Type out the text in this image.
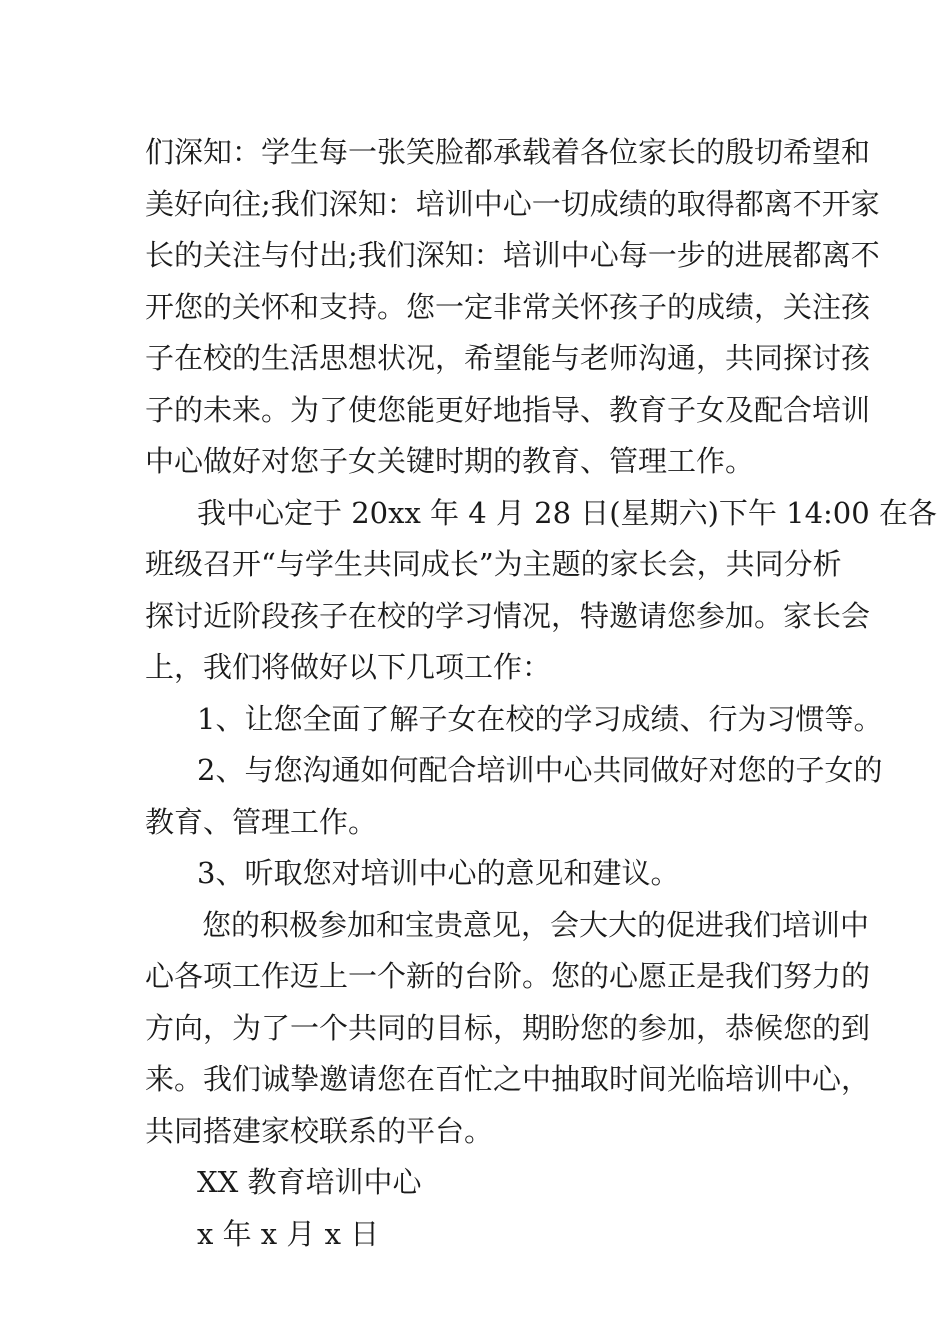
们深知：学生每一张笑脸都承载着各位家长的殷切希望和
美好向往;我们深知：培训中心一切成绩的取得都离不开家
长的关注与付出;我们深知：培训中心每一步的进展都离不
开您的关怀和支持。您一定非常关怀孩子的成绩，关注孩
子在校的生活思想状况，希望能与老师沟通，共同探讨孩
子的未来。为了使您能更好地指导、教育子女及配合培训
中心做好对您子女关键时期的教育、管理工作。
我中心定于 20xx 年 4 月 28 日(星期六)下午 14:00 在各
班级召开“与学生共同成长”为主题的家长会，共同分析
探讨近阶段孩子在校的学习情况，特邀请您参加。家长会
上，我们将做好以下几项工作：
1、让您全面了解子女在校的学习成绩、行为习惯等。
2、与您沟通如何配合培训中心共同做好对您的子女的
教育、管理工作。
3、听取您对培训中心的意见和建议。
您的积极参加和宝贵意见，会大大的促进我们培训中
心各项工作迈上一个新的台阶。您的心愿正是我们努力的
方向，为了一个共同的目标，期盼您的参加，恭候您的到
来。我们诚挚邀请您在百忙之中抽取时间光临培训中心，
共同搭建家校联系的平台。
XX 教育培训中心
x 年 x 月 x 日
